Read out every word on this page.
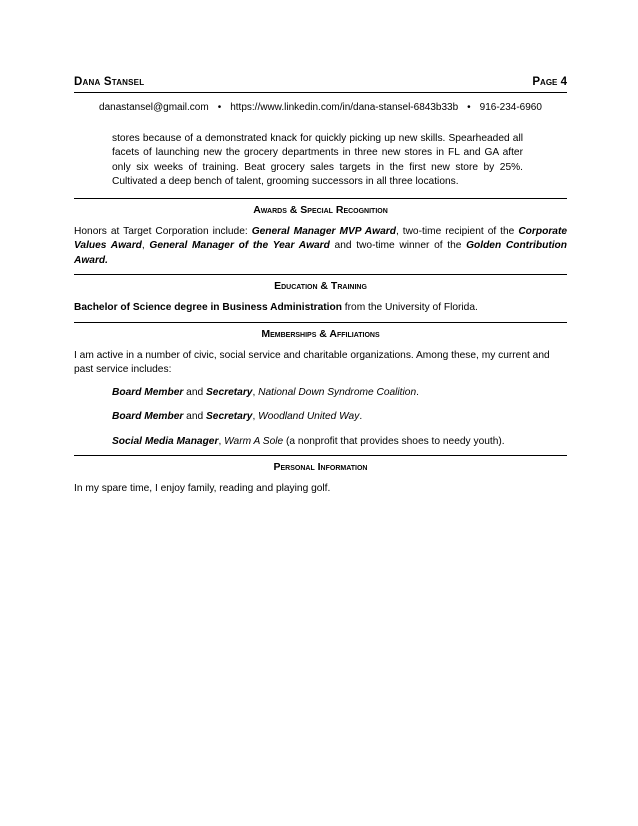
Dana Stansel	Page 4
danastansel@gmail.com • https://www.linkedin.com/in/dana-stansel-6843b33b • 916-234-6960

stores because of a demonstrated knack for quickly picking up new skills. Spearheaded all facets of launching new the grocery departments in three new stores in FL and GA after only six weeks of training. Beat grocery sales targets in the first new store by 25%. Cultivated a deep bench of talent, grooming successors in all three locations.

Awards & Special Recognition

Honors at Target Corporation include: General Manager MVP Award, two-time recipient of the Corporate Values Award, General Manager of the Year Award and two-time winner of the Golden Contribution Award.

Education & Training

Bachelor of Science degree in Business Administration from the University of Florida.

Memberships & Affiliations

I am active in a number of civic, social service and charitable organizations. Among these, my current and past service includes:

Board Member and Secretary, National Down Syndrome Coalition.

Board Member and Secretary, Woodland United Way.

Social Media Manager, Warm A Sole (a nonprofit that provides shoes to needy youth).

Personal Information

In my spare time, I enjoy family, reading and playing golf.
